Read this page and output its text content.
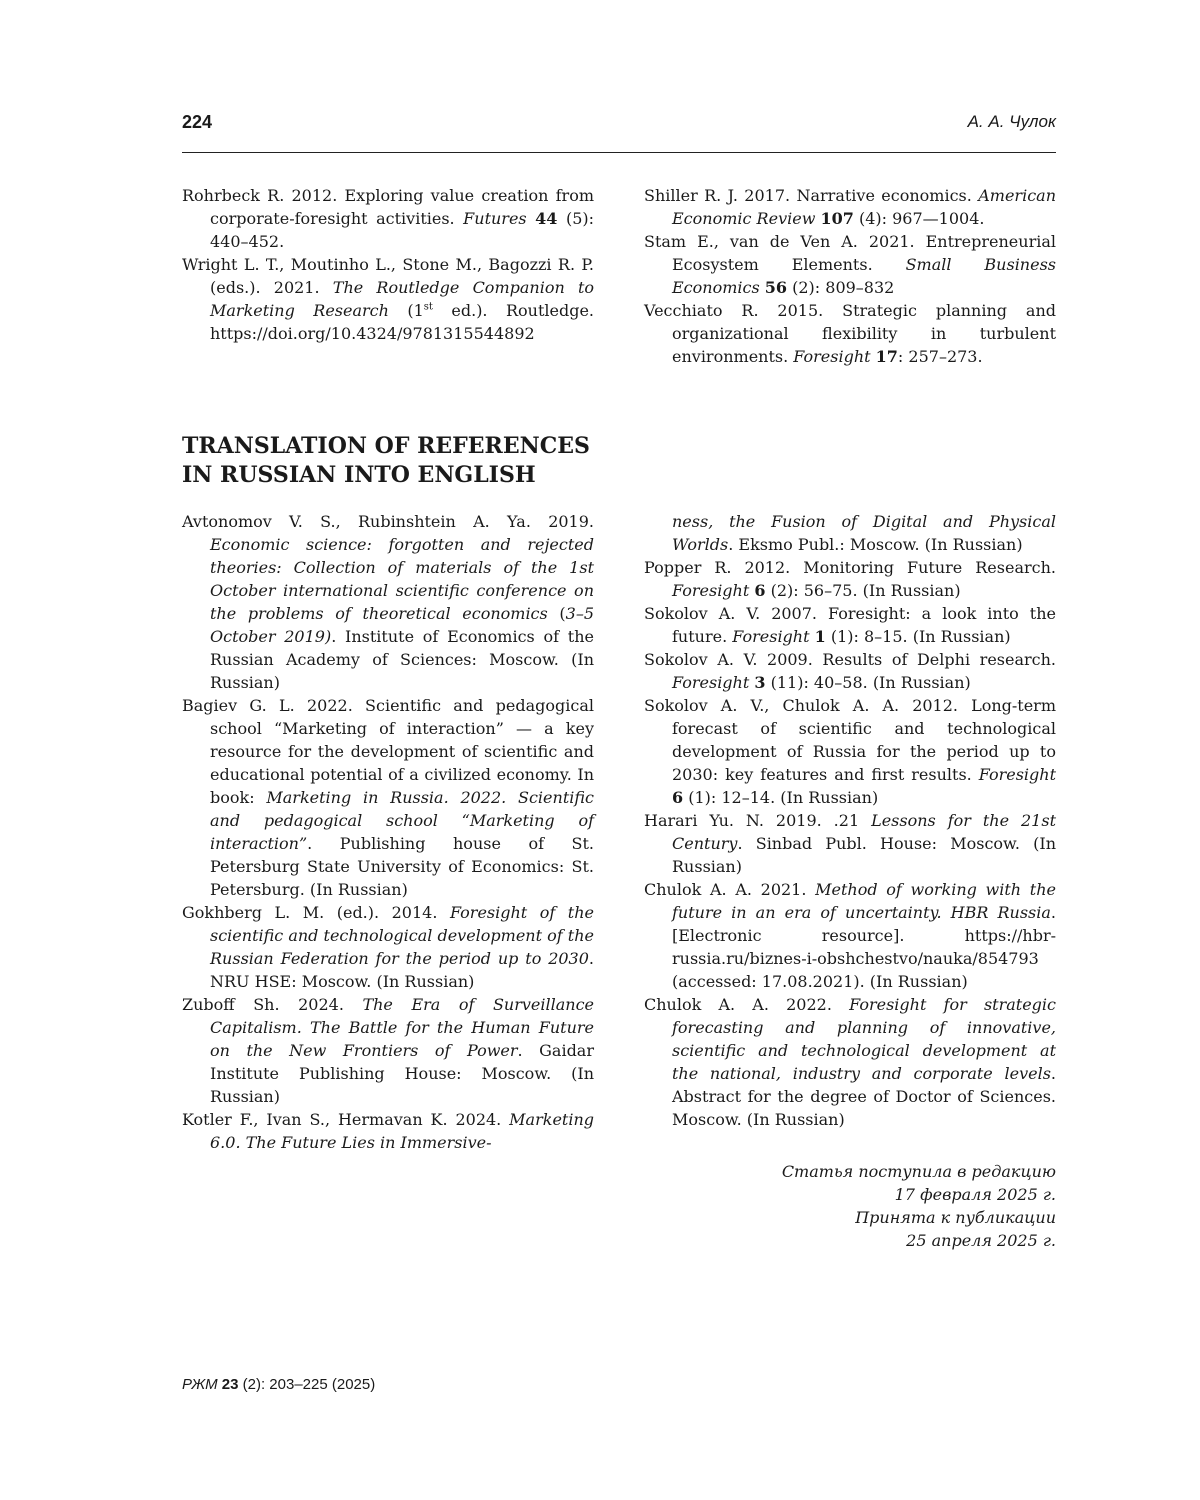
224	А. А. Чулок

Rohrbeck R. 2012. Exploring value creation from corporate-foresight activities. Futures 44 (5): 440–452.

Wright L. T., Moutinho L., Stone M., Bagozzi R. P. (eds.). 2021. The Routledge Companion to Marketing Research (1st ed.). Routledge. https://doi.org/10.4324/9781315544892

Shiller R. J. 2017. Narrative economics. American Economic Review 107 (4): 967—1004.

Stam E., van de Ven A. 2021. Entrepreneurial Ecosystem Elements. Small Business Economics 56 (2): 809–832

Vecchiato R. 2015. Strategic planning and organizational flexibility in turbulent environments. Foresight 17: 257–273.

TRANSLATION OF REFERENCES
IN RUSSIAN INTO ENGLISH

Avtonomov V. S., Rubinshtein A. Ya. 2019. Economic science: forgotten and rejected theories: Collection of materials of the 1st October international scientific conference on the problems of theoretical economics (3–5 October 2019). Institute of Economics of the Russian Academy of Sciences: Moscow. (In Russian)

Bagiev G. L. 2022. Scientific and pedagogical school “Marketing of interaction” — a key resource for the development of scientific and educational potential of a civilized economy. In book: Marketing in Russia. 2022. Scientific and pedagogical school “Marketing of interaction”. Publishing house of St. Petersburg State University of Economics: St. Petersburg. (In Russian)

Gokhberg L. M. (ed.). 2014. Foresight of the scientific and technological development of the Russian Federation for the period up to 2030. NRU HSE: Moscow. (In Russian)

Zuboff Sh. 2024. The Era of Surveillance Capitalism. The Battle for the Human Future on the New Frontiers of Power. Gaidar Institute Publishing House: Moscow. (In Russian)

Kotler F., Ivan S., Hermavan K. 2024. Marketing 6.0. The Future Lies in Immersive-

ness, the Fusion of Digital and Physical Worlds. Eksmo Publ.: Moscow. (In Russian)

Popper R. 2012. Monitoring Future Research. Foresight 6 (2): 56–75. (In Russian)

Sokolov A. V. 2007. Foresight: a look into the future. Foresight 1 (1): 8–15. (In Russian)

Sokolov A. V. 2009. Results of Delphi research. Foresight 3 (11): 40–58. (In Russian)

Sokolov A. V., Chulok A. A. 2012. Long-term forecast of scientific and technological development of Russia for the period up to 2030: key features and first results. Foresight 6 (1): 12–14. (In Russian)

Harari Yu. N. 2019. .21 Lessons for the 21st Century. Sinbad Publ. House: Moscow. (In Russian)

Chulok A. A. 2021. Method of working with the future in an era of uncertainty. HBR Russia. [Electronic resource]. https://hbr-russia.ru/biznes-i-obshchestvo/nauka/854793 (accessed: 17.08.2021). (In Russian)

Chulok A. A. 2022. Foresight for strategic forecasting and planning of innovative, scientific and technological development at the national, industry and corporate levels. Abstract for the degree of Doctor of Sciences. Moscow. (In Russian)

Статья поступила в редакцию
17 февраля 2025 г.
Принята к публикации
25 апреля 2025 г.
РЖМ 23 (2): 203–225 (2025)
